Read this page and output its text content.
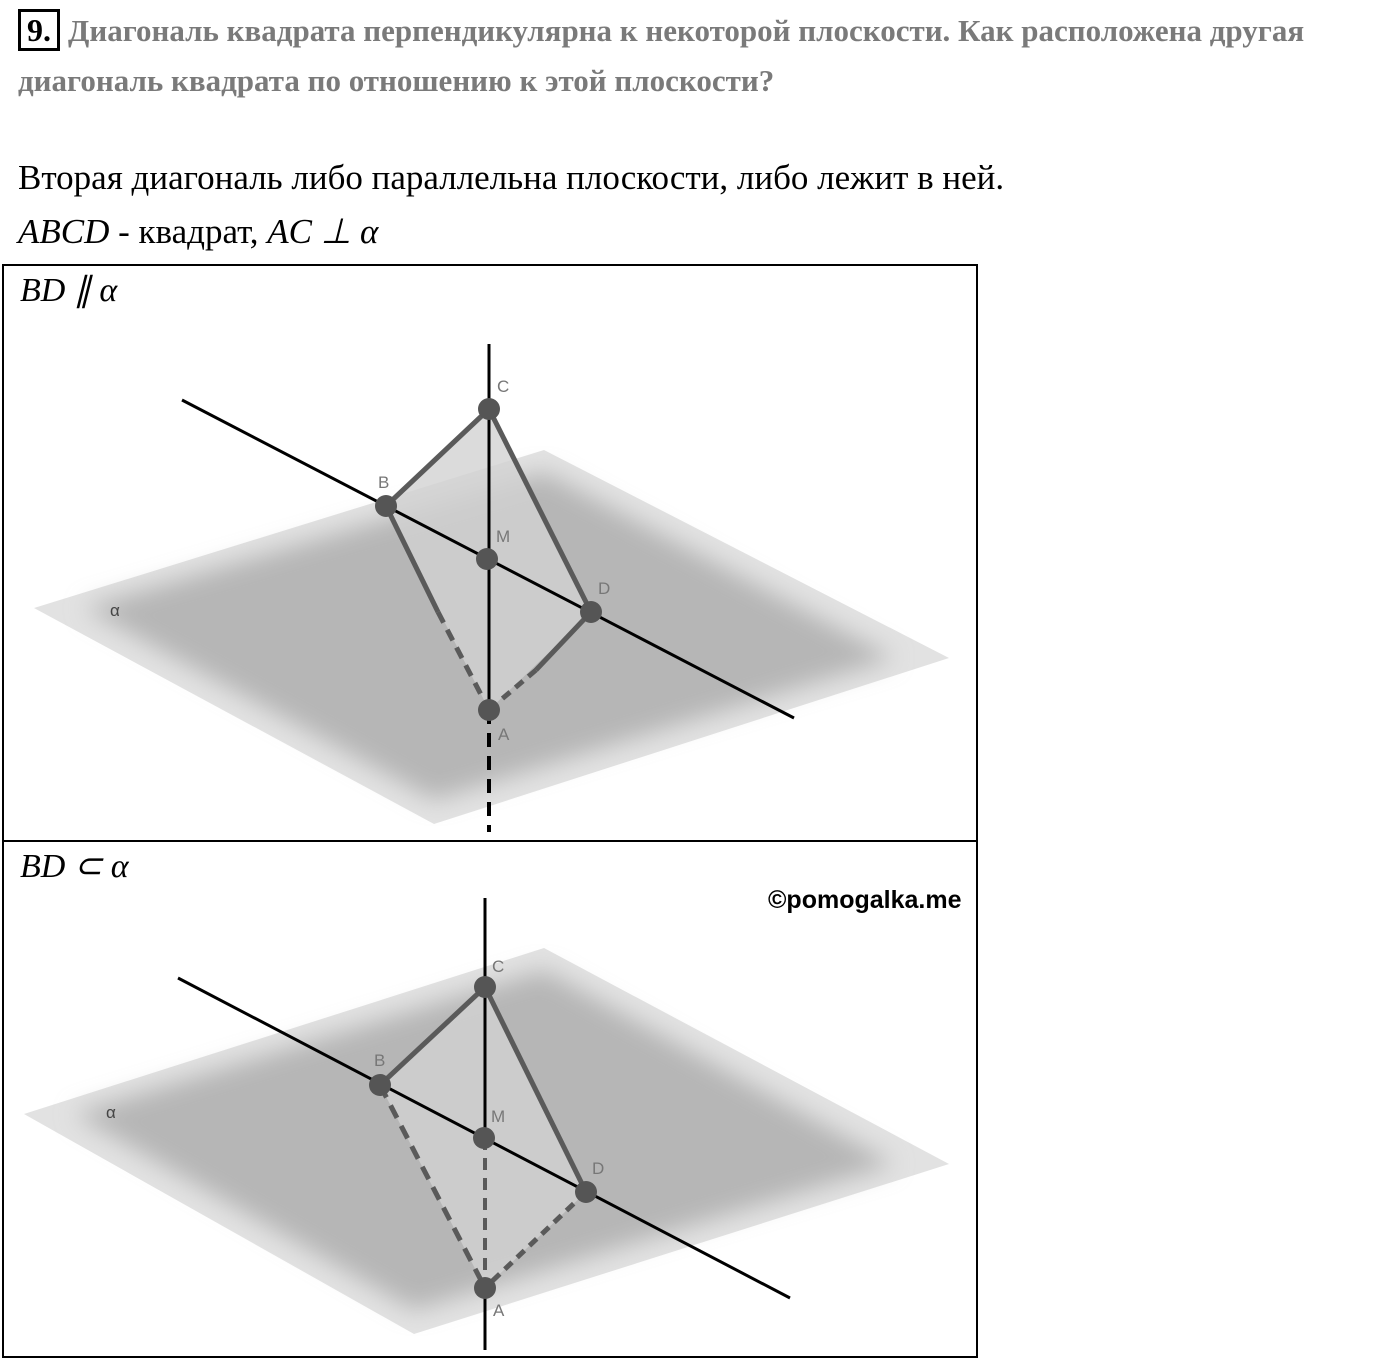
9. Диагональ квадрата перпендикулярна к некоторой плоскости. Как расположена другая диагональ квадрата по отношению к этой плоскости?
Вторая диагональ либо параллельна плоскости, либо лежит в ней.
ABCD - квадрат, AC ⊥ α
α
C
B
M
D
A
BD ∥ α
α
C
B
M
D
A
BD ⊂ α
©pomogalka.me
